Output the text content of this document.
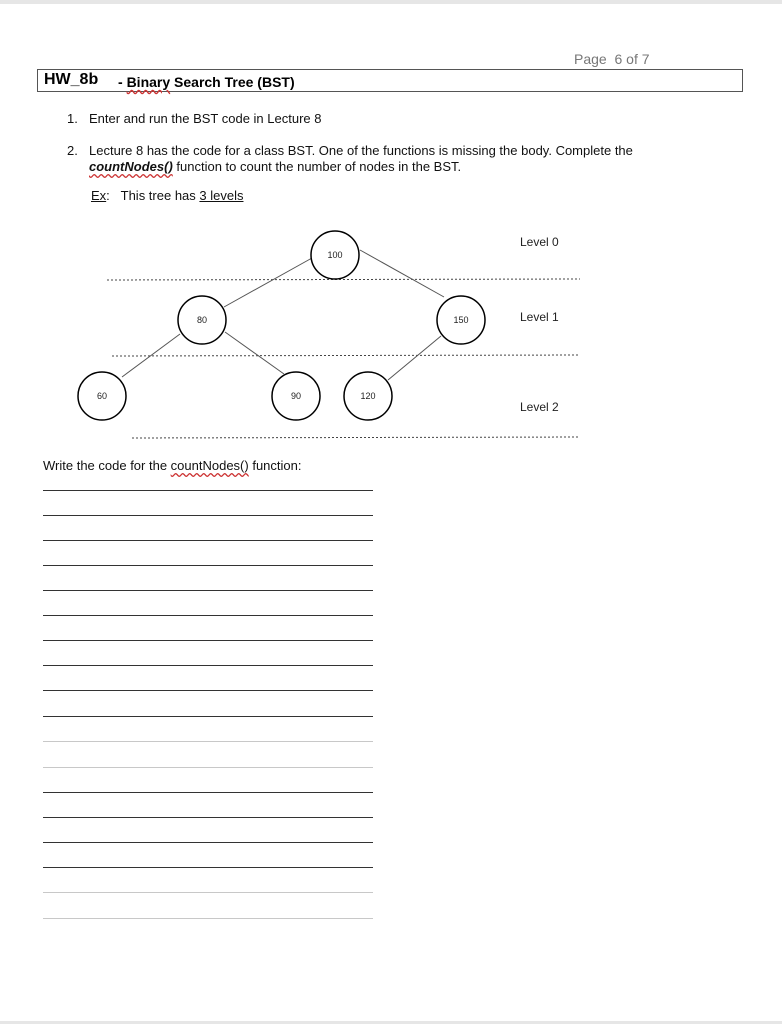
Page 6 of 7
HW_8b - Binary Search Tree (BST)
1. Enter and run the BST code in Lecture 8
2. Lecture 8 has the code for a class BST. One of the functions is missing the body. Complete the countNodes() function to count the number of nodes in the BST.
Ex: This tree has 3 levels
100
80	150
60	90	120
Level 0
Level 1
Level 2
Write the code for the countNodes() function:
